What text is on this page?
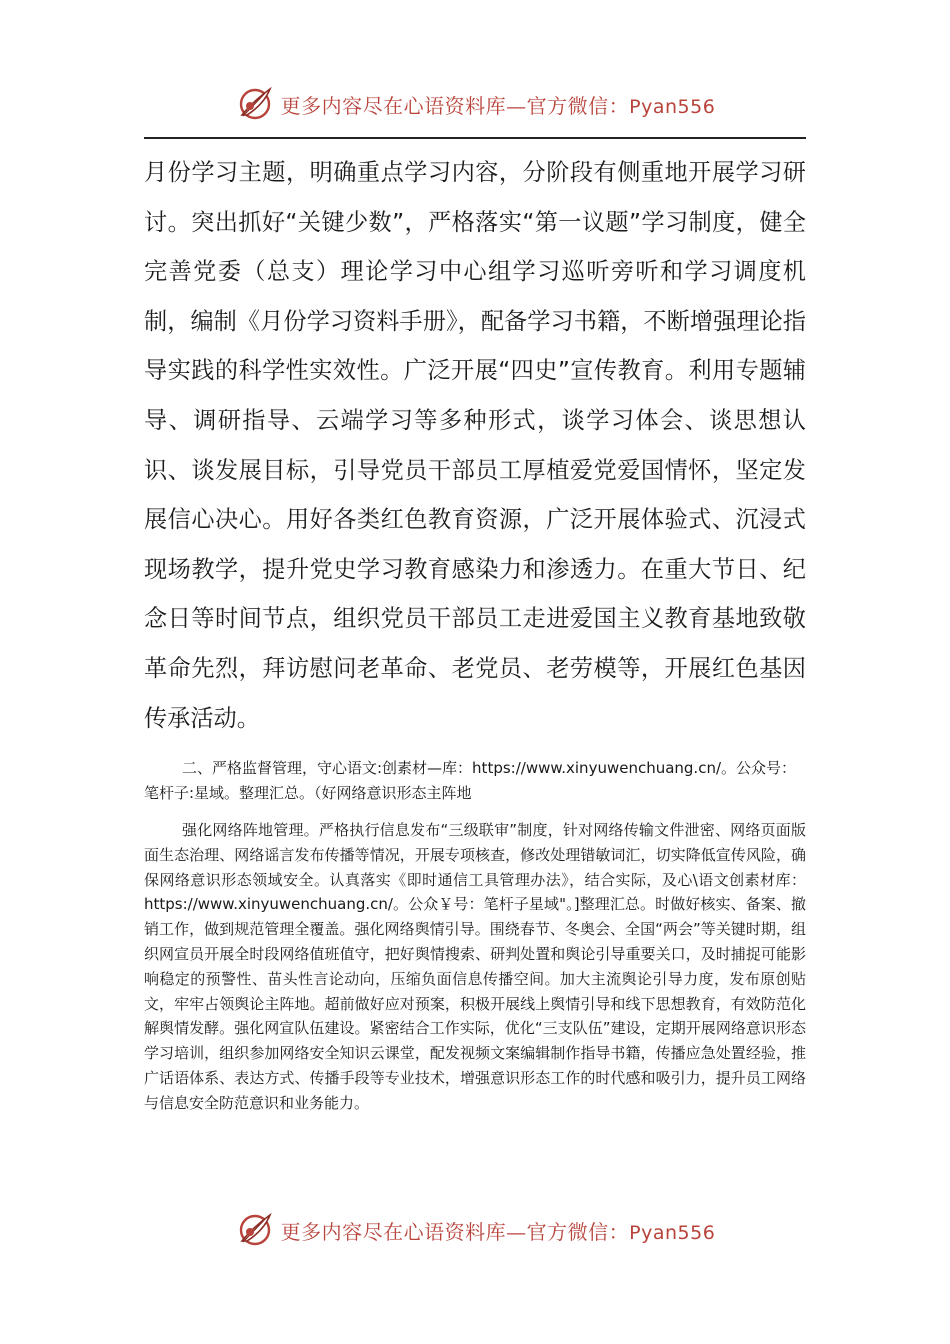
更多内容尽在心语资料库—官方微信：Pyan556

月份学习主题，明确重点学习内容，分阶段有侧重地开展学习研讨。突出抓好“关键少数”，严格落实“第一议题”学习制度，健全完善党委（总支）理论学习中心组学习巡听旁听和学习调度机制，编制《月份学习资料手册》，配备学习书籍，不断增强理论指导实践的科学性实效性。广泛开展“四史”宣传教育。利用专题辅导、调研指导、云端学习等多种形式，谈学习体会、谈思想认识、谈发展目标，引导党员干部员工厚植爱党爱国情怀，坚定发展信心决心。用好各类红色教育资源，广泛开展体验式、沉浸式现场教学，提升党史学习教育感染力和渗透力。在重大节日、纪念日等时间节点，组织党员干部员工走进爱国主义教育基地致敬革命先烈，拜访慰问老革命、老党员、老劳模等，开展红色基因传承活动。

二、严格监督管理，守心语文:创素材—库：https://www.xinyuwenchuang.cn/。公众号：笔杆子:星域。整理汇总。（好网络意识形态主阵地

强化网络阵地管理。严格执行信息发布“三级联审”制度，针对网络传输文件泄密、网络页面版面生态治理、网络谣言发布传播等情况，开展专项核查，修改处理错敏词汇，切实降低宣传风险，确保网络意识形态领域安全。认真落实《即时通信工具管理办法》，结合实际，及心\语文创素材库：https://www.xinyuwenchuang.cn/。公众￥号：笔杆子星域"。]整理汇总。时做好核实、备案、撤销工作，做到规范管理全覆盖。强化网络舆情引导。围绕春节、冬奥会、全国“两会”等关键时期，组织网宣员开展全时段网络值班值守，把好舆情搜索、研判处置和舆论引导重要关口，及时捕捉可能影响稳定的预警性、苗头性言论动向，压缩负面信息传播空间。加大主流舆论引导力度，发布原创贴文，牢牢占领舆论主阵地。超前做好应对预案，积极开展线上舆情引导和线下思想教育，有效防范化解舆情发酵。强化网宣队伍建设。紧密结合工作实际，优化“三支队伍”建设，定期开展网络意识形态学习培训，组织参加网络安全知识云课堂，配发视频文案编辑制作指导书籍，传播应急处置经验，推广话语体系、表达方式、传播手段等专业技术，增强意识形态工作的时代感和吸引力，提升员工网络与信息安全防范意识和业务能力。

更多内容尽在心语资料库—官方微信：Pyan556
